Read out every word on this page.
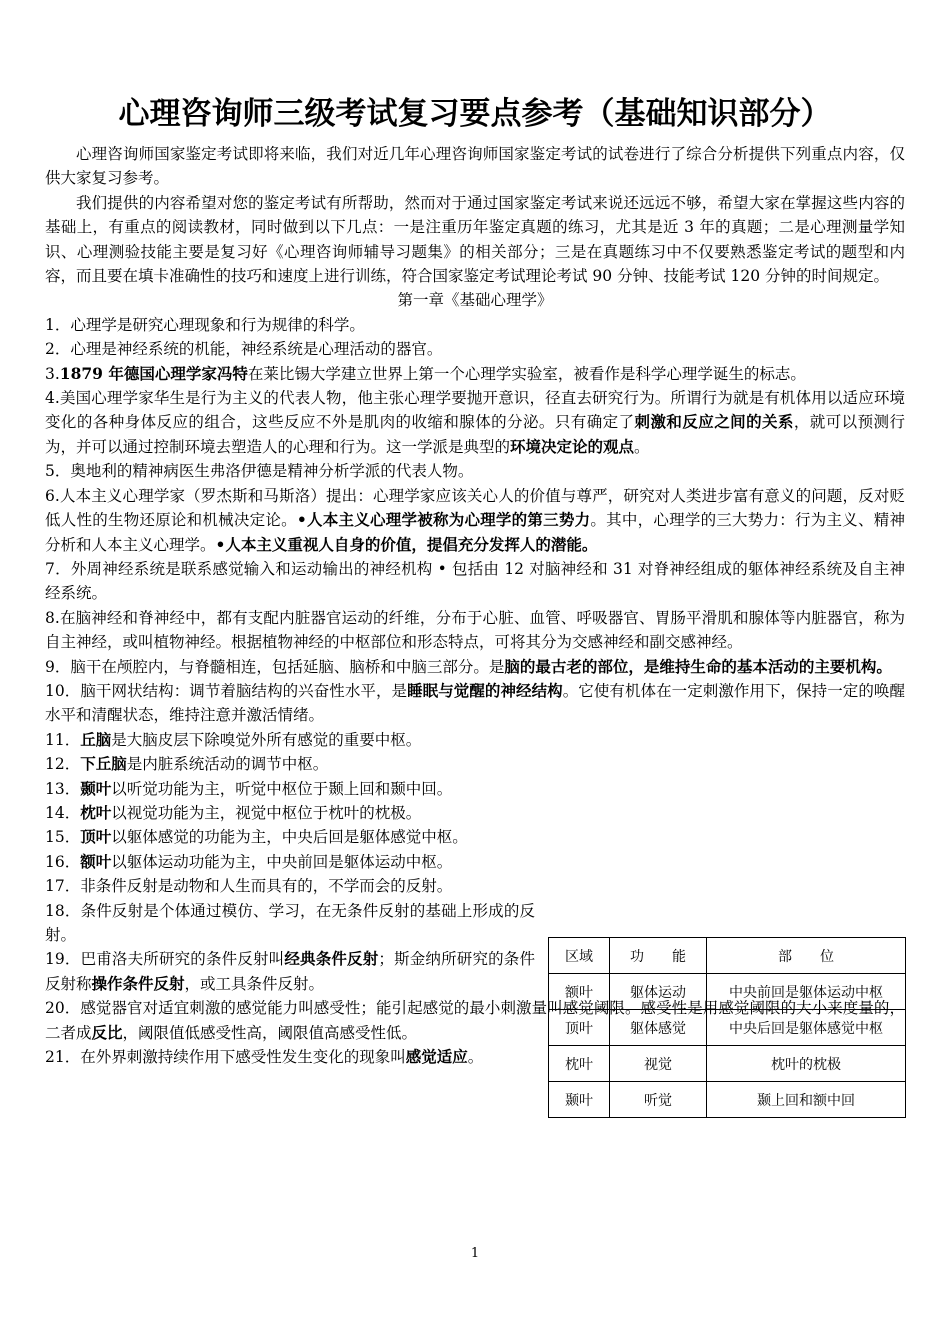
心理咨询师三级考试复习要点参考（基础知识部分）

心理咨询师国家鉴定考试即将来临，我们对近几年心理咨询师国家鉴定考试的试卷进行了综合分析提供下列重点内容，仅供大家复习参考。

我们提供的内容希望对您的鉴定考试有所帮助，然而对于通过国家鉴定考试来说还远远不够，希望大家在掌握这些内容的基础上，有重点的阅读教材，同时做到以下几点：一是注重历年鉴定真题的练习，尤其是近 3 年的真题；二是心理测量学知识、心理测验技能主要是复习好《心理咨询师辅导习题集》的相关部分；三是在真题练习中不仅要熟悉鉴定考试的题型和内容，而且要在填卡准确性的技巧和速度上进行训练，符合国家鉴定考试理论考试 90 分钟、技能考试 120 分钟的时间规定。

第一章《基础心理学》

1．心理学是研究心理现象和行为规律的科学。

2．心理是神经系统的机能，神经系统是心理活动的器官。

3.1879 年德国心理学家冯特在莱比锡大学建立世界上第一个心理学实验室，被看作是科学心理学诞生的标志。

4.美国心理学家华生是行为主义的代表人物，他主张心理学要抛开意识，径直去研究行为。所谓行为就是有机体用以适应环境变化的各种身体反应的组合，这些反应不外是肌肉的收缩和腺体的分泌。只有确定了刺激和反应之间的关系，就可以预测行为，并可以通过控制环境去塑造人的心理和行为。这一学派是典型的环境决定论的观点。

5．奥地利的精神病医生弗洛伊德是精神分析学派的代表人物。

6.人本主义心理学家（罗杰斯和马斯洛）提出：心理学家应该关心人的价值与尊严，研究对人类进步富有意义的问题，反对贬低人性的生物还原论和机械决定论。•人本主义心理学被称为心理学的第三势力。其中，心理学的三大势力：行为主义、精神分析和人本主义心理学。•人本主义重视人自身的价值，提倡充分发挥人的潜能。

7．外周神经系统是联系感觉输入和运动输出的神经机构 • 包括由 12 对脑神经和 31 对脊神经组成的躯体神经系统及自主神经系统。

8.在脑神经和脊神经中，都有支配内脏器官运动的纤维，分布于心脏、血管、呼吸器官、胃肠平滑肌和腺体等内脏器官，称为自主神经，或叫植物神经。根据植物神经的中枢部位和形态特点，可将其分为交感神经和副交感神经。

9．脑干在颅腔内，与脊髓相连，包括延脑、脑桥和中脑三部分。是脑的最古老的部位，是维持生命的基本活动的主要机构。

10．脑干网状结构：调节着脑结构的兴奋性水平，是睡眠与觉醒的神经结构。它使有机体在一定刺激作用下，保持一定的唤醒水平和清醒状态，维持注意并激活情绪。

11．丘脑是大脑皮层下除嗅觉外所有感觉的重要中枢。

12．下丘脑是内脏系统活动的调节中枢。

13．颞叶以听觉功能为主，听觉中枢位于颞上回和颞中回。

14．枕叶以视觉功能为主，视觉中枢位于枕叶的枕极。

15．顶叶以躯体感觉的功能为主，中央后回是躯体感觉中枢。

16．额叶以躯体运动功能为主，中央前回是躯体运动中枢。

17．非条件反射是动物和人生而具有的，不学而会的反射。

18．条件反射是个体通过模仿、学习，在无条件反射的基础上形成的反射。

19．巴甫洛夫所研究的条件反射叫经典条件反射；斯金纳所研究的条件反射称操作条件反射，或工具条件反射。

20．感觉器官对适宜刺激的感觉能力叫感受性；能引起感觉的最小刺激量叫感觉阈限。感受性是用感觉阈限的大小来度量的，二者成反比，阈限值低感受性高，阈限值高感受性低。

21．在外界刺激持续作用下感受性发生变化的现象叫感觉适应。

区域	功　　能	部　　位
额叶	躯体运动	中央前回是躯体运动中枢
顶叶	躯体感觉	中央后回是躯体感觉中枢
枕叶	视觉	枕叶的枕极
颞叶	听觉	颞上回和额中回
1
